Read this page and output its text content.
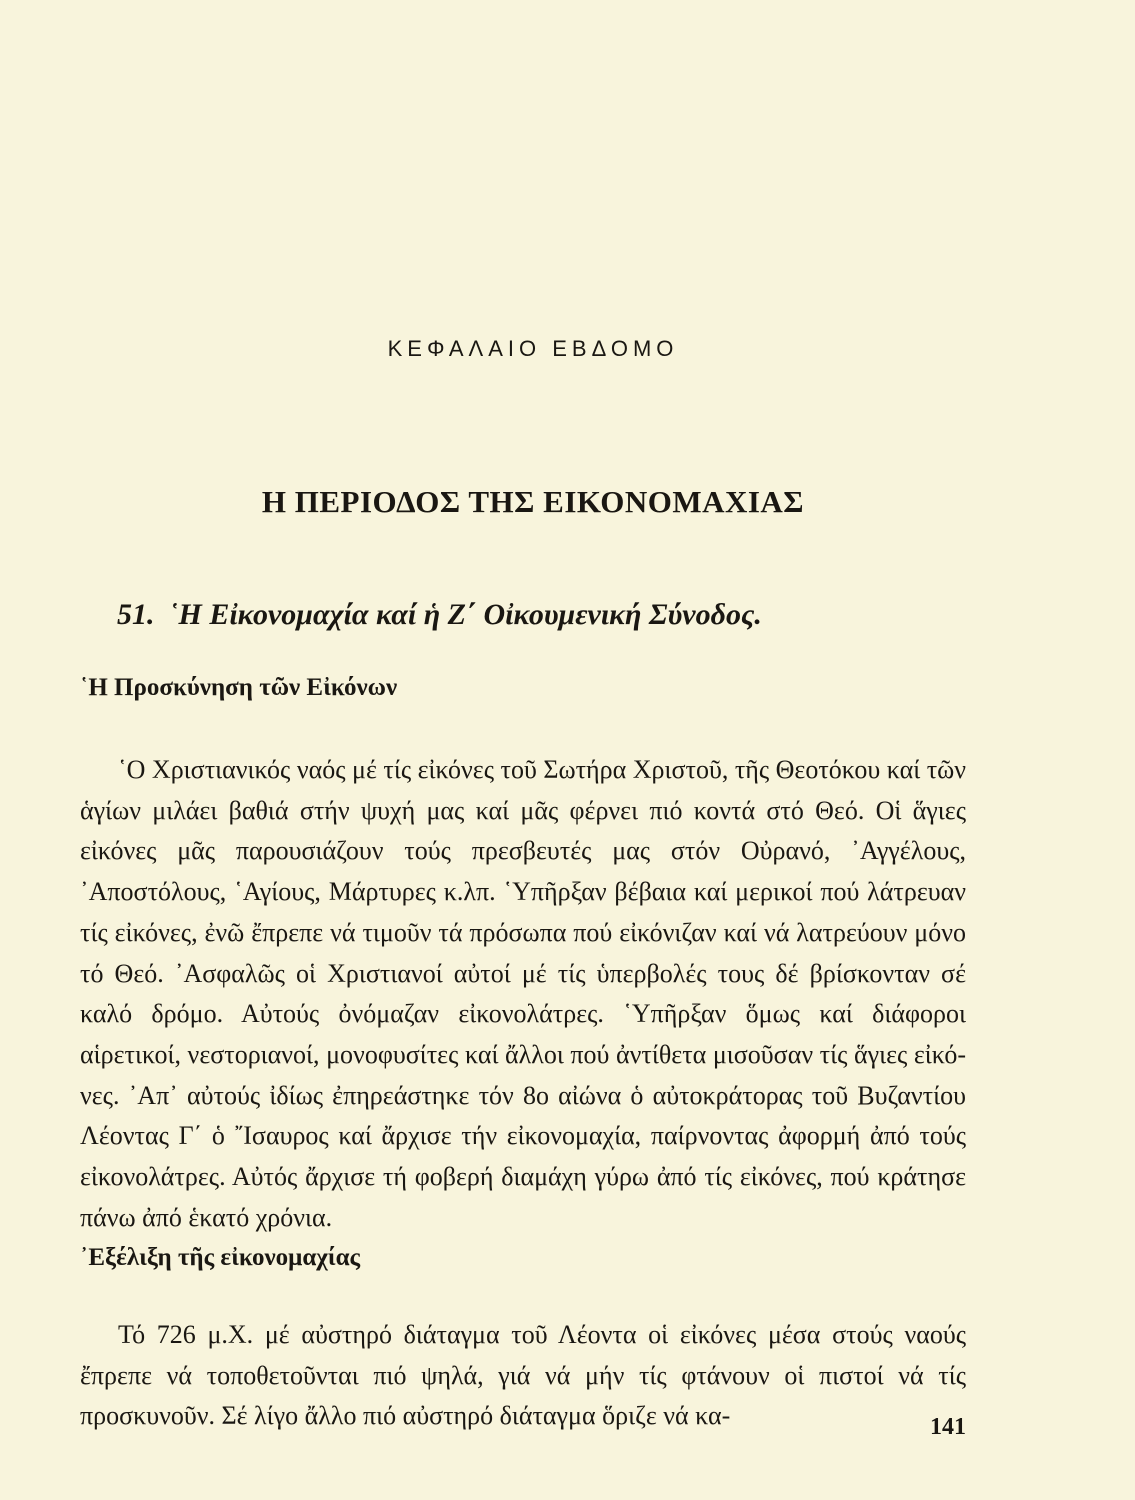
ΚΕΦΑΛΑΙΟ ΕΒΔΟΜΟ
Η ΠΕΡΙΟΔΟΣ ΤΗΣ ΕΙΚΟΝΟΜΑΧΙΑΣ
51. ῾Η Εἰκονομαχία καί ἡ Ζ΄ Οἰκουμενική Σύνοδος.
῾Η Προσκύνηση τῶν Εἰκόνων

῾Ο Χριστιανικός ναός μέ τίς εἰκόνες τοῦ Σωτήρα Χριστοῦ, τῆς Θεοτόκου καί τῶν ἁγίων μιλάει βαθιά στήν ψυχή μας καί μᾶς φέρνει πιό κοντά στό Θεό. Οἱ ἅγιες εἰκόνες μᾶς παρουσιάζουν τούς πρεσβευτές μας στόν Οὐρανό, ᾿Αγγέλους, ᾿Αποστόλους, ῾Αγίους, Μάρτυρες κ.λπ. ῾Υπῆρξαν βέβαια καί μερικοί πού λάτρευαν τίς εἰκόνες, ἐνῶ ἔπρεπε νά τιμοῦν τά πρόσωπα πού εἰκόνιζαν καί νά λατρεύουν μόνο τό Θεό. ᾿Ασφαλῶς οἱ Χριστιανοί αὐτοί μέ τίς ὑπερβολές τους δέ βρίσκονταν σέ καλό δρόμο. Αὐτούς ὀνόμαζαν εἰκονολάτρες. ῾Υπῆρξαν ὅμως καί διάφοροι αἱρετικοί, νεστοριανοί, μονοφυσίτες καί ἄλλοι πού ἀντίθετα μισοῦσαν τίς ἅγιες εἰκόνες. ᾿Απ᾿ αὐτούς ἰδίως ἐπηρεάστηκε τόν 8ο αἰώνα ὁ αὐτοκράτορας τοῦ Βυζαντίου Λέοντας Γ΄ ὁ ῎Ισαυρος καί ἄρχισε τήν εἰκονομαχία, παίρνοντας ἀφορμή ἀπό τούς εἰκονολάτρες. Αὐτός ἄρχισε τή φοβερή διαμάχη γύρω ἀπό τίς εἰκόνες, πού κράτησε πάνω ἀπό ἑκατό χρόνια.

᾿Εξέλιξη τῆς εἰκονομαχίας

Τό 726 μ.Χ. μέ αὐστηρό διάταγμα τοῦ Λέοντα οἱ εἰκόνες μέσα στούς ναούς ἔπρεπε νά τοποθετοῦνται πιό ψηλά, γιά νά μήν τίς φτάνουν οἱ πιστοί νά τίς προσκυνοῦν. Σέ λίγο ἄλλο πιό αὐστηρό διάταγμα ὅριζε νά κα-	141
